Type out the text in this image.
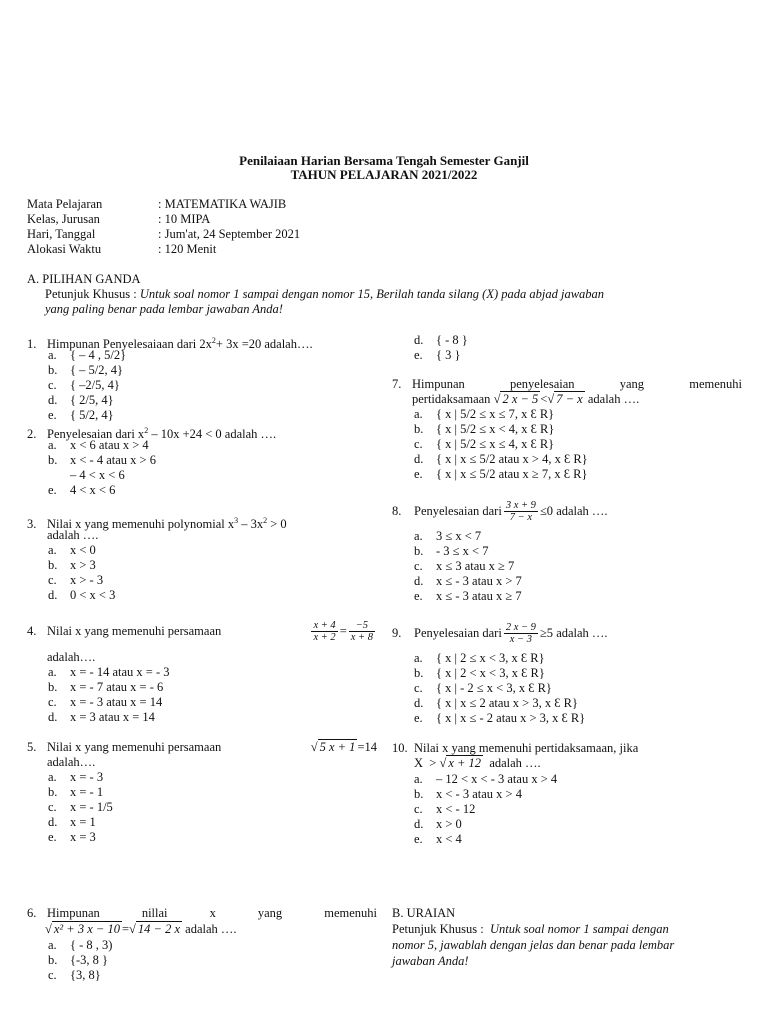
Penilaiaan Harian Bersama Tengah Semester Ganjil
TAHUN PELAJARAN 2021/2022
Mata Pelajaran	: MATEMATIKA WAJIB
Kelas, Jurusan	: 10 MIPA
Hari, Tanggal	: Jum'at, 24 September 2021
Alokasi Waktu	: 120 Menit
A. PILIHAN GANDA
Petunjuk Khusus : Untuk soal nomor 1 sampai dengan nomor 15, Berilah tanda silang (X) pada abjad jawaban
yang paling benar pada lembar jawaban Anda!
1. Himpunan Penyelesaiaan dari $2x^2+ 3x =20$ adalah….
a. { – 4 , 5/2}
b. { – 5/2, 4}
c. { –2/5, 4}
d. { 2/5, 4}
e. { 5/2, 4}
2. Penyelesaian dari $x^2 - 10x +24 < 0$ adalah ….
a. x < 6 atau x > 4
b. x < - 4 atau x > 6
– 4 < x < 6
e. 4 < x < 6
3. Nilai x yang memenuhi polynomial $x^3 - 3x^2 > 0$
adalah ….
a. x < 0
b. x > 3
c. x > - 3
d. 0 < x < 3
4. Nilai x yang memenuhi persamaan	$\frac{x + 4}{x + 2} = \frac{-5}{x + 8}$
adalah….
a. x = - 14 atau x = - 3
b. x = - 7 atau x = - 6
c. x = - 3 atau x = 14
d. x = 3 atau x = 14
5. Nilai x yang memenuhi persamaan	√ 5 x + 1 =14
adalah….
a. x = - 3
b. x = - 1
c. x = - 1/5
d. x = 1
e. x = 3
6. Himpunan	nillai	x	yang	memenuhi
√ x² + 3 x − 10 =√ 14 − 2 x adalah ….
a. { - 8 , 3)
b. {-3, 8 }
c. {3, 8}
d. { - 8 }
e. { 3 }
7. Himpunan	penyelesaian	yang	memenuhi
pertidaksamaan √ 2 x − 5 <√ 7 − x adalah ….
a. { x | 5/2 ≤ x ≤ 7, x Ɛ R}
b. { x | 5/2 ≤ x < 4, x Ɛ R}
c. { x | 5/2 ≤ x ≤ 4, x Ɛ R}
d. { x | x ≤ 5/2 atau x > 4, x Ɛ R}
e. { x | x ≤ 5/2 atau x ≥ 7, x Ɛ R}
8.	Penyelesaian dari $\frac{3 x + 9}{7 - x} \le 0$ adalah ….
a. 3 ≤ x < 7
b. - 3 ≤ x < 7
c. x ≤ 3 atau x ≥ 7
d. x ≤ - 3 atau x > 7
e. x ≤ - 3 atau x ≥ 7
9.	Penyelesaian dari $\frac{2 x - 9}{x - 3} \ge 5$ adalah ….
a. { x | 2 ≤ x < 3, x Ɛ R}
b. { x | 2 < x < 3, x Ɛ R}
c. { x | - 2 ≤ x < 3, x Ɛ R}
d. { x | x ≤ 2 atau x > 3, x Ɛ R}
e. { x | x ≤ - 2 atau x > 3, x Ɛ R}
10. Nilai x yang memenuhi pertidaksamaan, jika
X  > √ x + 12  adalah ….
a. – 12 < x < - 3 atau x > 4
b. x < - 3 atau x > 4
c. x < - 12
d. x > 0
e. x < 4
B. URAIAN
Petunjuk Khusus : Untuk soal nomor 1 sampai dengan
nomor 5, jawablah dengan jelas dan benar pada lembar
jawaban Anda!
